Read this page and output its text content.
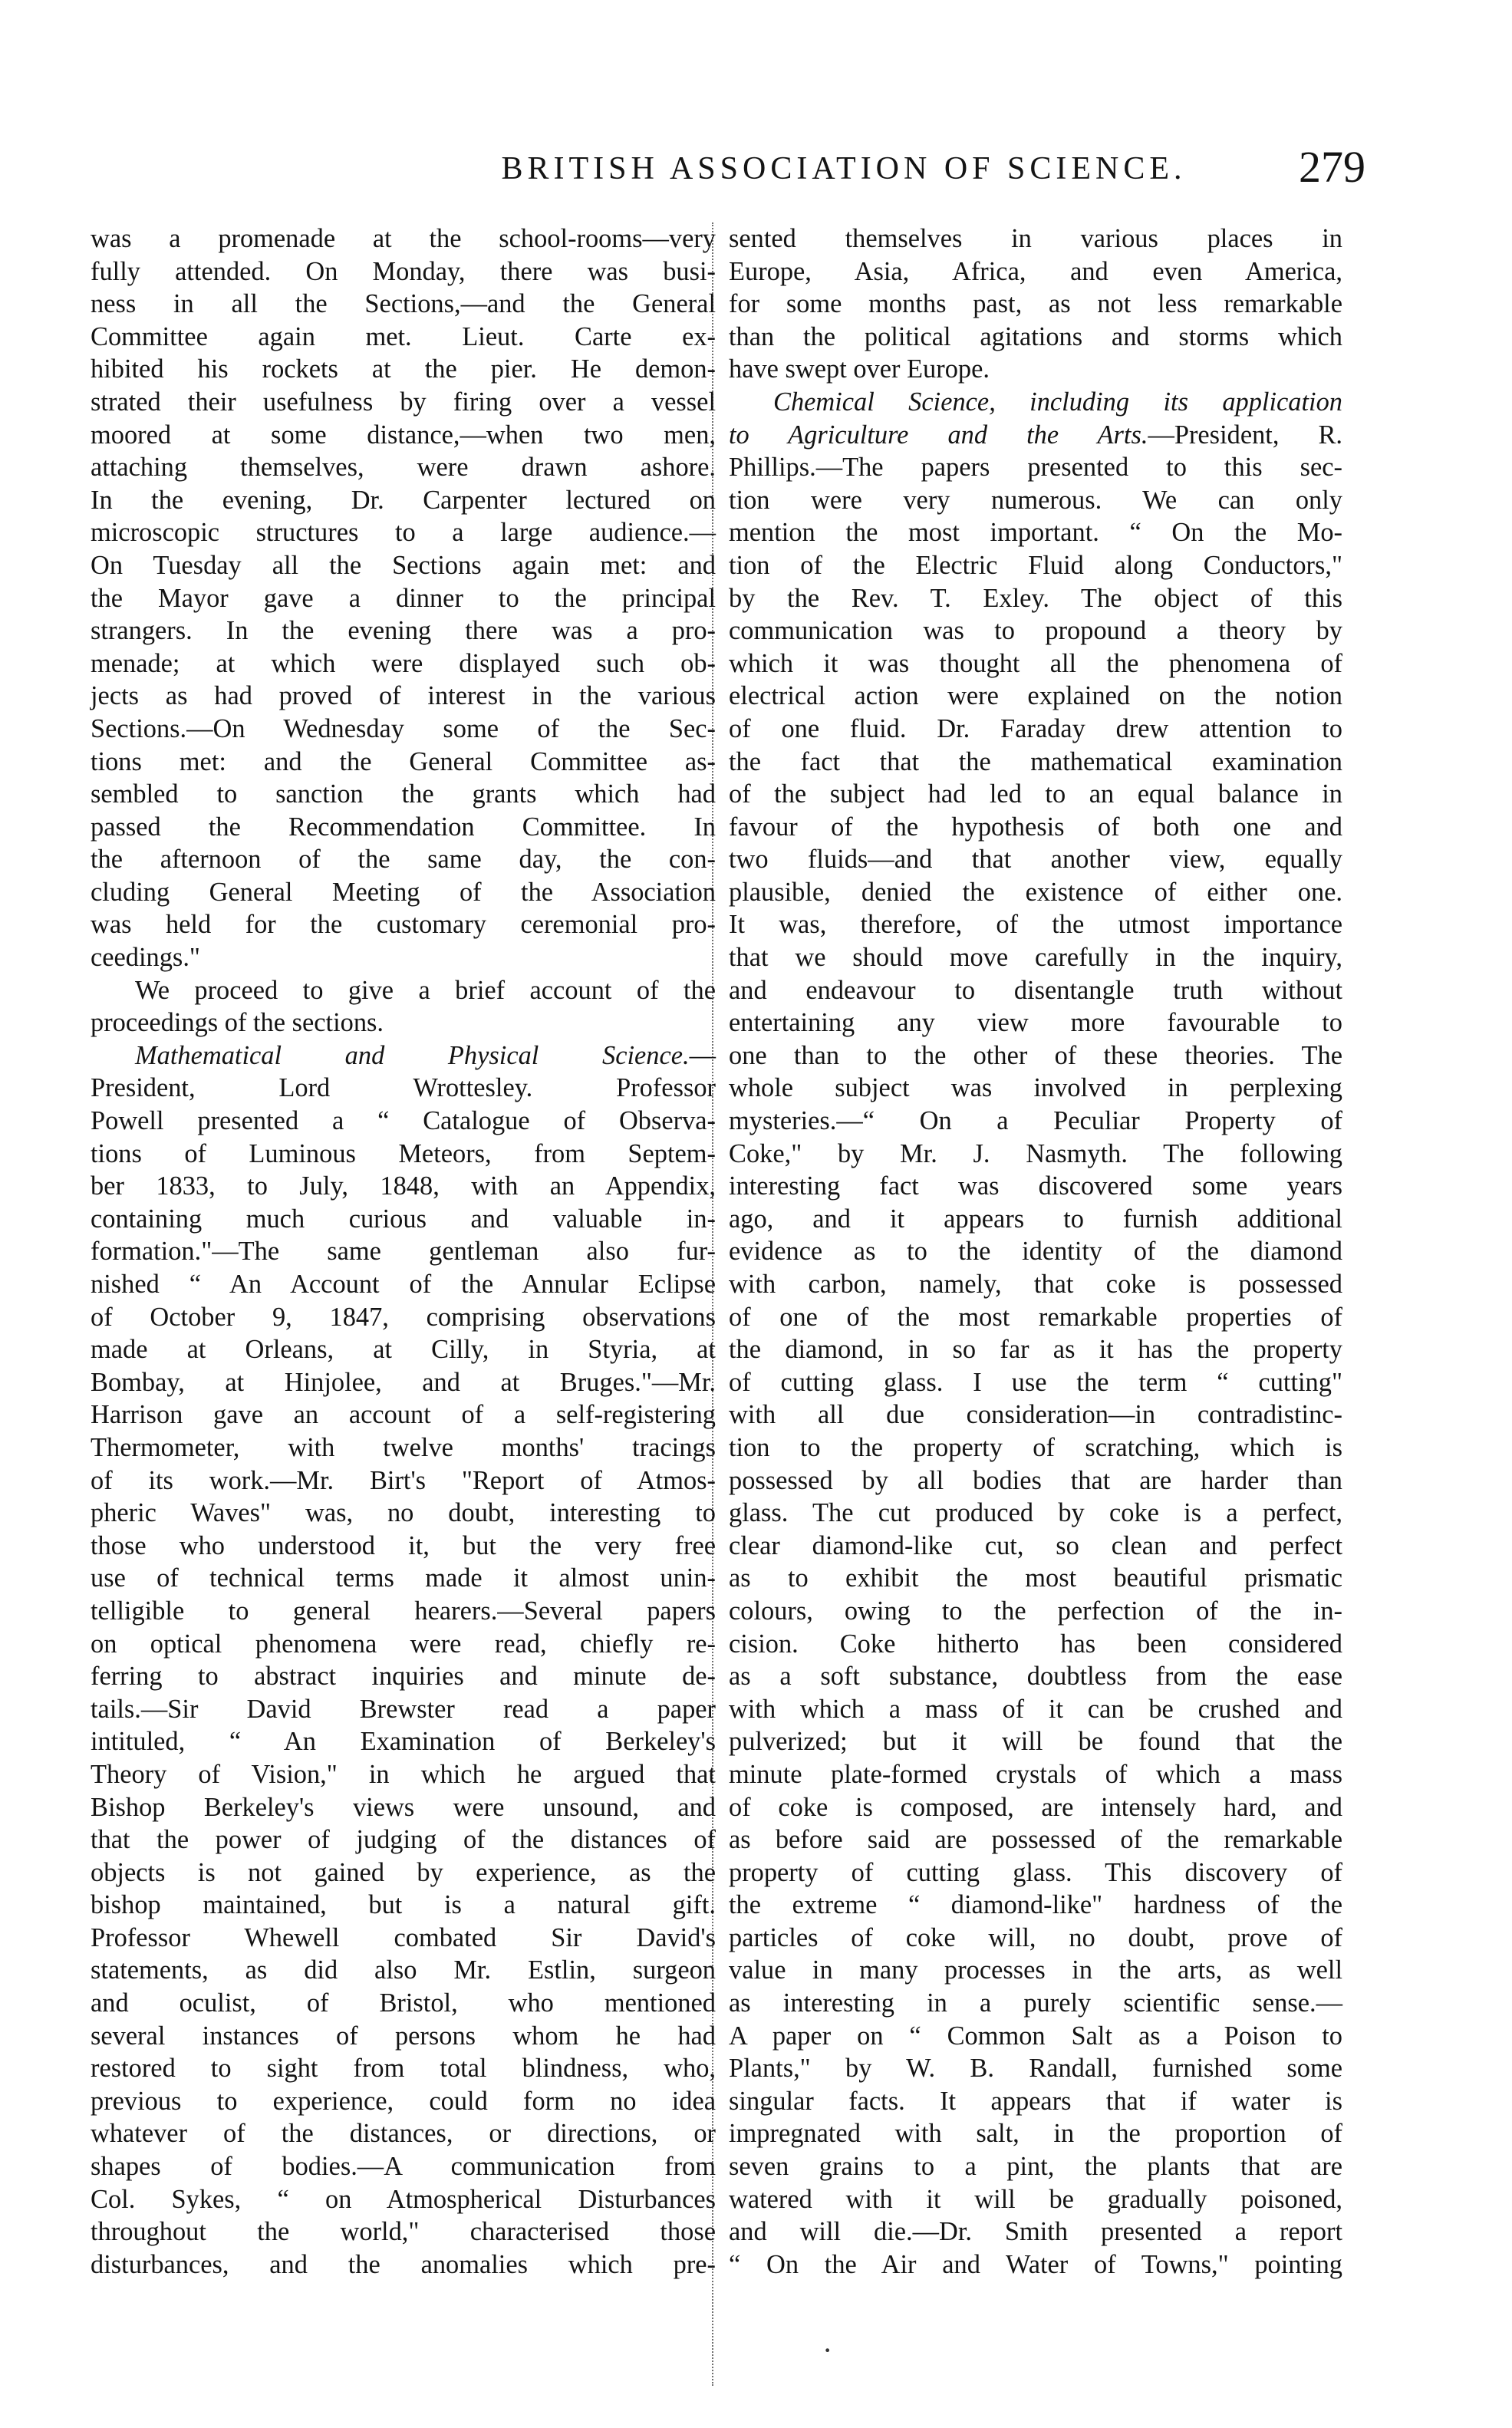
BRITISH ASSOCIATION OF SCIENCE.	279
was a promenade at the school-rooms—very
fully attended. On Monday, there was busi-
ness in all the Sections,—and the General
Committee again met. Lieut. Carte ex-
hibited his rockets at the pier. He demon-
strated their usefulness by firing over a vessel
moored at some distance,—when two men,
attaching themselves, were drawn ashore.
In the evening, Dr. Carpenter lectured on
microscopic structures to a large audience.—
On Tuesday all the Sections again met: and
the Mayor gave a dinner to the principal
strangers. In the evening there was a pro-
menade; at which were displayed such ob-
jects as had proved of interest in the various
Sections.—On Wednesday some of the Sec-
tions met: and the General Committee as-
sembled to sanction the grants which had
passed the Recommendation Committee. In
the afternoon of the same day, the con-
cluding General Meeting of the Association
was held for the customary ceremonial pro-
ceedings."
We proceed to give a brief account of the
proceedings of the sections.
Mathematical and Physical Science.—
President, Lord Wrottesley. Professor
Powell presented a “ Catalogue of Observa-
tions of Luminous Meteors, from Septem-
ber 1833, to July, 1848, with an Appendix,
containing much curious and valuable in-
formation."—The same gentleman also fur-
nished “ An Account of the Annular Eclipse
of October 9, 1847, comprising observations
made at Orleans, at Cilly, in Styria, at
Bombay, at Hinjolee, and at Bruges."—Mr.
Harrison gave an account of a self-registering
Thermometer, with twelve months' tracings
of its work.—Mr. Birt's "Report of Atmos-
pheric Waves" was, no doubt, interesting to
those who understood it, but the very free
use of technical terms made it almost unin-
telligible to general hearers.—Several papers
on optical phenomena were read, chiefly re-
ferring to abstract inquiries and minute de-
tails.—Sir David Brewster read a paper
intituled, “ An Examination of Berkeley's
Theory of Vision," in which he argued that
Bishop Berkeley's views were unsound, and
that the power of judging of the distances of
objects is not gained by experience, as the
bishop maintained, but is a natural gift.
Professor Whewell combated Sir David's
statements, as did also Mr. Estlin, surgeon
and oculist, of Bristol, who mentioned
several instances of persons whom he had
restored to sight from total blindness, who,
previous to experience, could form no idea
whatever of the distances, or directions, or
shapes of bodies.—A communication from
Col. Sykes, “ on Atmospherical Disturbances
throughout the world," characterised those
disturbances, and the anomalies which pre-
sented themselves in various places in
Europe, Asia, Africa, and even America,
for some months past, as not less remarkable
than the political agitations and storms which
have swept over Europe.
Chemical Science, including its application
to Agriculture and the Arts.—President, R.
Phillips.—The papers presented to this sec-
tion were very numerous. We can only
mention the most important. “ On the Mo-
tion of the Electric Fluid along Conductors,"
by the Rev. T. Exley. The object of this
communication was to propound a theory by
which it was thought all the phenomena of
electrical action were explained on the notion
of one fluid. Dr. Faraday drew attention to
the fact that the mathematical examination
of the subject had led to an equal balance in
favour of the hypothesis of both one and
two fluids—and that another view, equally
plausible, denied the existence of either one.
It was, therefore, of the utmost importance
that we should move carefully in the inquiry,
and endeavour to disentangle truth without
entertaining any view more favourable to
one than to the other of these theories. The
whole subject was involved in perplexing
mysteries.—“ On a Peculiar Property of
Coke," by Mr. J. Nasmyth. The following
interesting fact was discovered some years
ago, and it appears to furnish additional
evidence as to the identity of the diamond
with carbon, namely, that coke is possessed
of one of the most remarkable properties of
the diamond, in so far as it has the property
of cutting glass. I use the term “ cutting"
with all due consideration—in contradistinc-
tion to the property of scratching, which is
possessed by all bodies that are harder than
glass. The cut produced by coke is a perfect,
clear diamond-like cut, so clean and perfect
as to exhibit the most beautiful prismatic
colours, owing to the perfection of the in-
cision. Coke hitherto has been considered
as a soft substance, doubtless from the ease
with which a mass of it can be crushed and
pulverized; but it will be found that the
minute plate-formed crystals of which a mass
of coke is composed, are intensely hard, and
as before said are possessed of the remarkable
property of cutting glass. This discovery of
the extreme “ diamond-like" hardness of the
particles of coke will, no doubt, prove of
value in many processes in the arts, as well
as interesting in a purely scientific sense.—
A paper on “ Common Salt as a Poison to
Plants," by W. B. Randall, furnished some
singular facts. It appears that if water is
impregnated with salt, in the proportion of
seven grains to a pint, the plants that are
watered with it will be gradually poisoned,
and will die.—Dr. Smith presented a report
“ On the Air and Water of Towns," pointing
·
